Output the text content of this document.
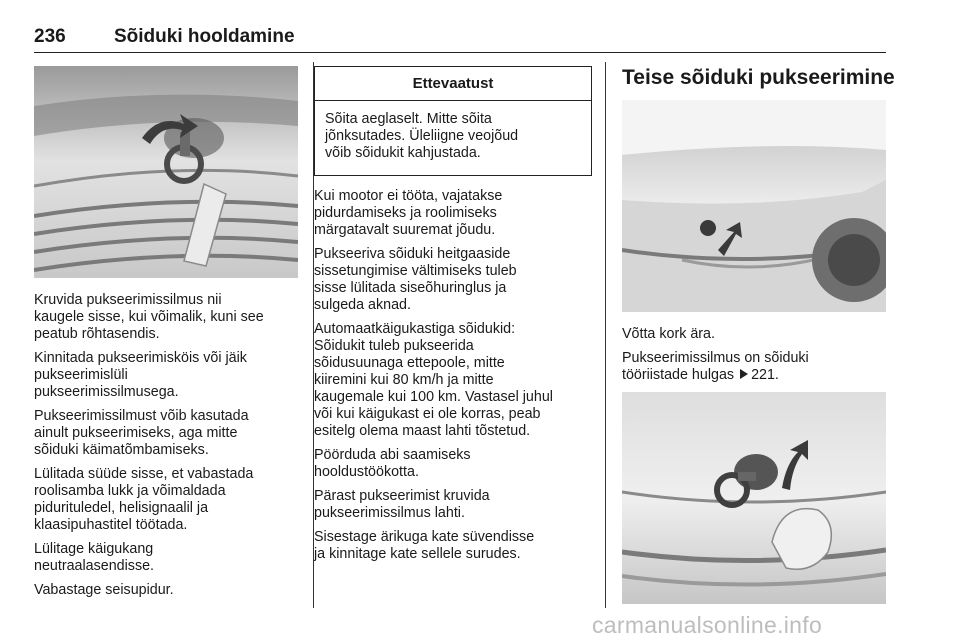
236	Sõiduki hooldamine

Kruvida pukseerimissilmus nii
kaugele sisse, kui võimalik, kuni see
peatub rõhtasendis.

Kinnitada pukseerimisköis või jäik
pukseerimislüli
pukseerimissilmusega.

Pukseerimissilmust võib kasutada
ainult pukseerimiseks, aga mitte
sõiduki käimatõmbamiseks.

Lülitada süüde sisse, et vabastada
roolisamba lukk ja võimaldada
pidurituledel, helisignaalil ja
klaasipuhastitel töötada.

Lülitage käigukang
neutraalasendisse.

Vabastage seisupidur.

Ettevaatust
Sõita aeglaselt. Mitte sõita
jõnksutades. Üleliigne veojõud
võib sõidukit kahjustada.

Kui mootor ei tööta, vajatakse
pidurdamiseks ja roolimiseks
märgatavalt suuremat jõudu.

Pukseeriva sõiduki heitgaaside
sissetungimise vältimiseks tuleb
sisse lülitada siseõhuringlus ja
sulgeda aknad.

Automaatkäigukastiga sõidukid:
Sõidukit tuleb pukseerida
sõidusuunaga ettepoole, mitte
kiiremini kui 80 km/h ja mitte
kaugemale kui 100 km. Vastasel juhul
või kui käigukast ei ole korras, peab
esitelg olema maast lahti tõstetud.

Pöörduda abi saamiseks
hooldustöökotta.

Pärast pukseerimist kruvida
pukseerimissilmus lahti.

Sisestage ärikuga kate süvendisse
ja kinnitage kate sellele surudes.

Teise sõiduki pukseerimine

Võtta kork ära.

Pukseerimissilmus on sõiduki
tööriistade hulgas 221.

carmanualsonline.info
